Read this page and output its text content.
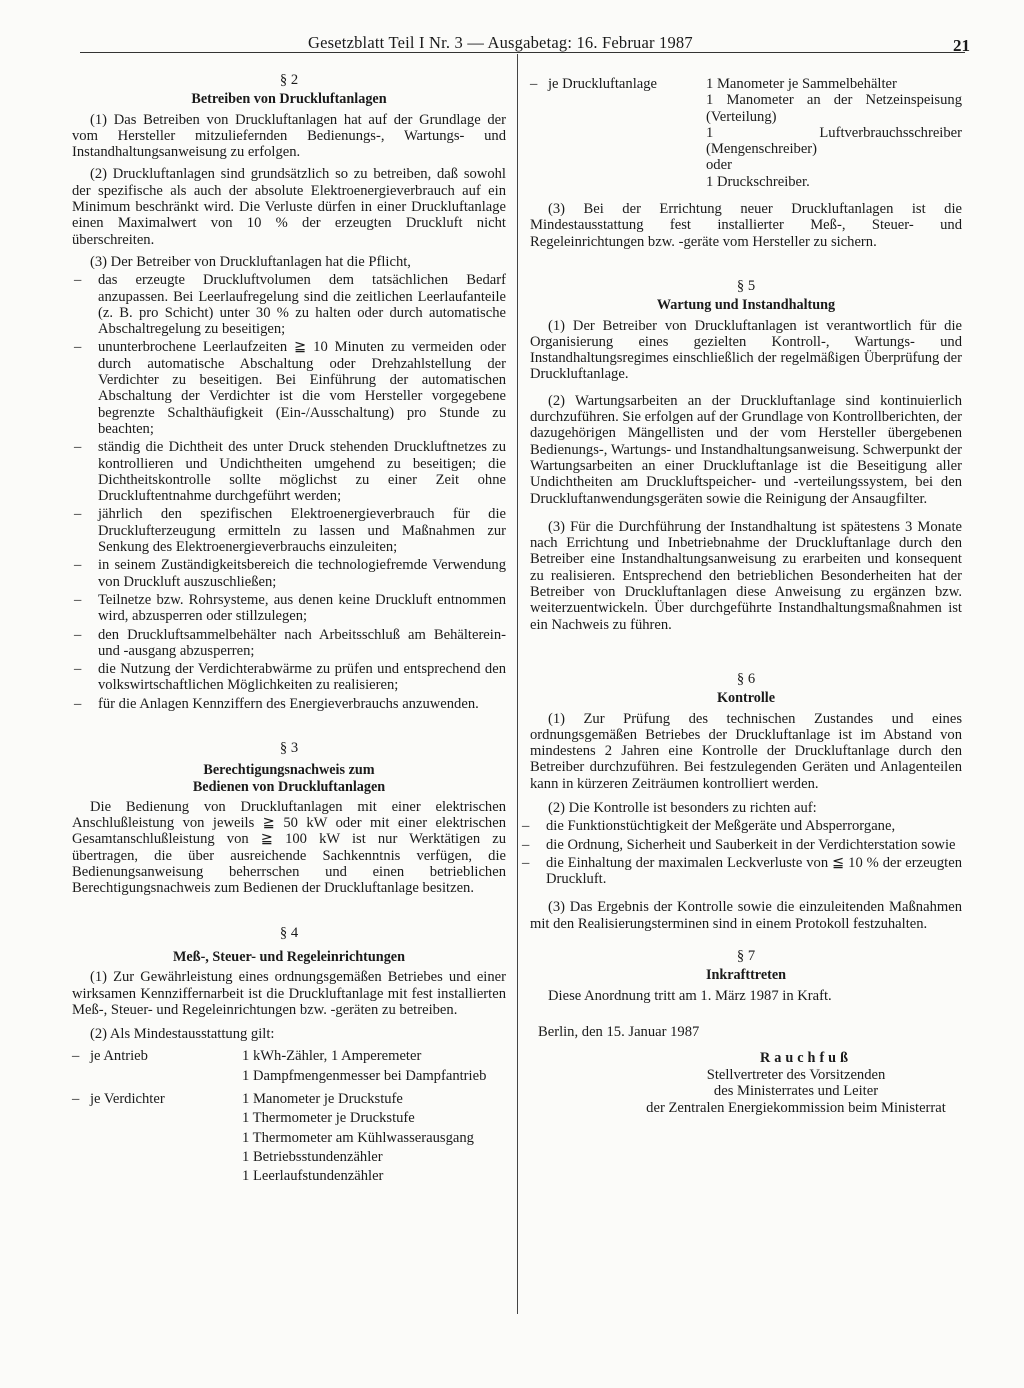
Gesetzblatt Teil I Nr. 3 — Ausgabetag: 16. Februar 1987	21
§ 2
Betreiben von Druckluftanlagen

(1) Das Betreiben von Druckluftanlagen hat auf der Grundlage der vom Hersteller mitzuliefernden Bedienungs-, Wartungs- und Instandhaltungsanweisung zu erfolgen.

(2) Druckluftanlagen sind grundsätzlich so zu betreiben, daß sowohl der spezifische als auch der absolute Elektroenergieverbrauch auf ein Minimum beschränkt wird. Die Verluste dürfen in einer Druckluftanlage einen Maximalwert von 10 % der erzeugten Druckluft nicht überschreiten.

(3) Der Betreiber von Druckluftanlagen hat die Pflicht,

– das erzeugte Druckluftvolumen dem tatsächlichen Bedarf anzupassen. Bei Leerlaufregelung sind die zeitlichen Leerlaufanteile (z. B. pro Schicht) unter 30 % zu halten oder durch automatische Abschaltregelung zu beseitigen;
– ununterbrochene Leerlaufzeiten ≧ 10 Minuten zu vermeiden oder durch automatische Abschaltung oder Drehzahlstellung der Verdichter zu beseitigen. Bei Einführung der automatischen Abschaltung der Verdichter ist die vom Hersteller vorgegebene begrenzte Schalthäufigkeit (Ein-/Ausschaltung) pro Stunde zu beachten;
– ständig die Dichtheit des unter Druck stehenden Druckluftnetzes zu kontrollieren und Undichtheiten umgehend zu beseitigen; die Dichtheitskontrolle sollte möglichst zu einer Zeit ohne Druckluftentnahme durchgeführt werden;
– jährlich den spezifischen Elektroenergieverbrauch für die Drucklufterzeugung ermitteln zu lassen und Maßnahmen zur Senkung des Elektroenergieverbrauchs einzuleiten;
– in seinem Zuständigkeitsbereich die technologiefremde Verwendung von Druckluft auszuschließen;
– Teilnetze bzw. Rohrsysteme, aus denen keine Druckluft entnommen wird, abzusperren oder stillzulegen;
– den Druckluftsammelbehälter nach Arbeitsschluß am Behälterein- und -ausgang abzusperren;
– die Nutzung der Verdichterabwärme zu prüfen und entsprechend den volkswirtschaftlichen Möglichkeiten zu realisieren;
– für die Anlagen Kennziffern des Energieverbrauchs anzuwenden.
§ 3
Berechtigungsnachweis zum
Bedienen von Druckluftanlagen

Die Bedienung von Druckluftanlagen mit einer elektrischen Anschlußleistung von jeweils ≧ 50 kW oder mit einer elektrischen Gesamtanschlußleistung von ≧ 100 kW ist nur Werktätigen zu übertragen, die über ausreichende Sachkenntnis verfügen, die Bedienungsanweisung beherrschen und einen betrieblichen Berechtigungsnachweis zum Bedienen der Druckluftanlage besitzen.

§ 4
Meß-, Steuer- und Regeleinrichtungen

(1) Zur Gewährleistung eines ordnungsgemäßen Betriebes und einer wirksamen Kennziffernarbeit ist die Druckluftanlage mit fest installierten Meß-, Steuer- und Regeleinrichtungen bzw. -geräten zu betreiben.

(2) Als Mindestausstattung gilt:

– je Antrieb	1 kWh-Zähler, 1 Amperemeter
1 Dampfmengenmesser bei Dampfantrieb
– je Verdichter	1 Manometer je Druckstufe
1 Thermometer je Druckstufe
1 Thermometer am Kühlwasserausgang
1 Betriebsstundenzähler
1 Leerlaufstundenzähler
– je Druckluftanlage	1 Manometer je Sammelbehälter
1 Manometer an der Netzeinspeisung (Verteilung)
1 Luftverbrauchsschreiber (Mengenschreiber)
oder
1 Druckschreiber.

(3) Bei der Errichtung neuer Druckluftanlagen ist die Mindestausstattung fest installierter Meß-, Steuer- und Regeleinrichtungen bzw. -geräte vom Hersteller zu sichern.

§ 5
Wartung und Instandhaltung

(1) Der Betreiber von Druckluftanlagen ist verantwortlich für die Organisierung eines gezielten Kontroll-, Wartungs- und Instandhaltungsregimes einschließlich der regelmäßigen Überprüfung der Druckluftanlage.

(2) Wartungsarbeiten an der Druckluftanlage sind kontinuierlich durchzuführen. Sie erfolgen auf der Grundlage von Kontrollberichten, der dazugehörigen Mängellisten und der vom Hersteller übergebenen Bedienungs-, Wartungs- und Instandhaltungsanweisung. Schwerpunkt der Wartungsarbeiten an einer Druckluftanlage ist die Beseitigung aller Undichtheiten am Druckluftspeicher- und -verteilungssystem, bei den Druckluftanwendungsgeräten sowie die Reinigung der Ansaugfilter.

(3) Für die Durchführung der Instandhaltung ist spätestens 3 Monate nach Errichtung und Inbetriebnahme der Druckluftanlage durch den Betreiber eine Instandhaltungsanweisung zu erarbeiten und konsequent zu realisieren. Entsprechend den betrieblichen Besonderheiten hat der Betreiber von Druckluftanlagen diese Anweisung zu ergänzen bzw. weiterzuentwickeln. Über durchgeführte Instandhaltungsmaßnahmen ist ein Nachweis zu führen.

§ 6
Kontrolle

(1) Zur Prüfung des technischen Zustandes und eines ordnungsgemäßen Betriebes der Druckluftanlage ist im Abstand von mindestens 2 Jahren eine Kontrolle der Druckluftanlage durch den Betreiber durchzuführen. Bei festzulegenden Geräten und Anlagenteilen kann in kürzeren Zeiträumen kontrolliert werden.

(2) Die Kontrolle ist besonders zu richten auf:

– die Funktionstüchtigkeit der Meßgeräte und Absperrorgane,
– die Ordnung, Sicherheit und Sauberkeit in der Verdichterstation sowie
– die Einhaltung der maximalen Leckverluste von ≦ 10 % der erzeugten Druckluft.

(3) Das Ergebnis der Kontrolle sowie die einzuleitenden Maßnahmen mit den Realisierungsterminen sind in einem Protokoll festzuhalten.

§ 7
Inkrafttreten

Diese Anordnung tritt am 1. März 1987 in Kraft.

Berlin, den 15. Januar 1987

Rauchfuß
Stellvertreter des Vorsitzenden
des Ministerrates und Leiter
der Zentralen Energiekommission beim Ministerrat
